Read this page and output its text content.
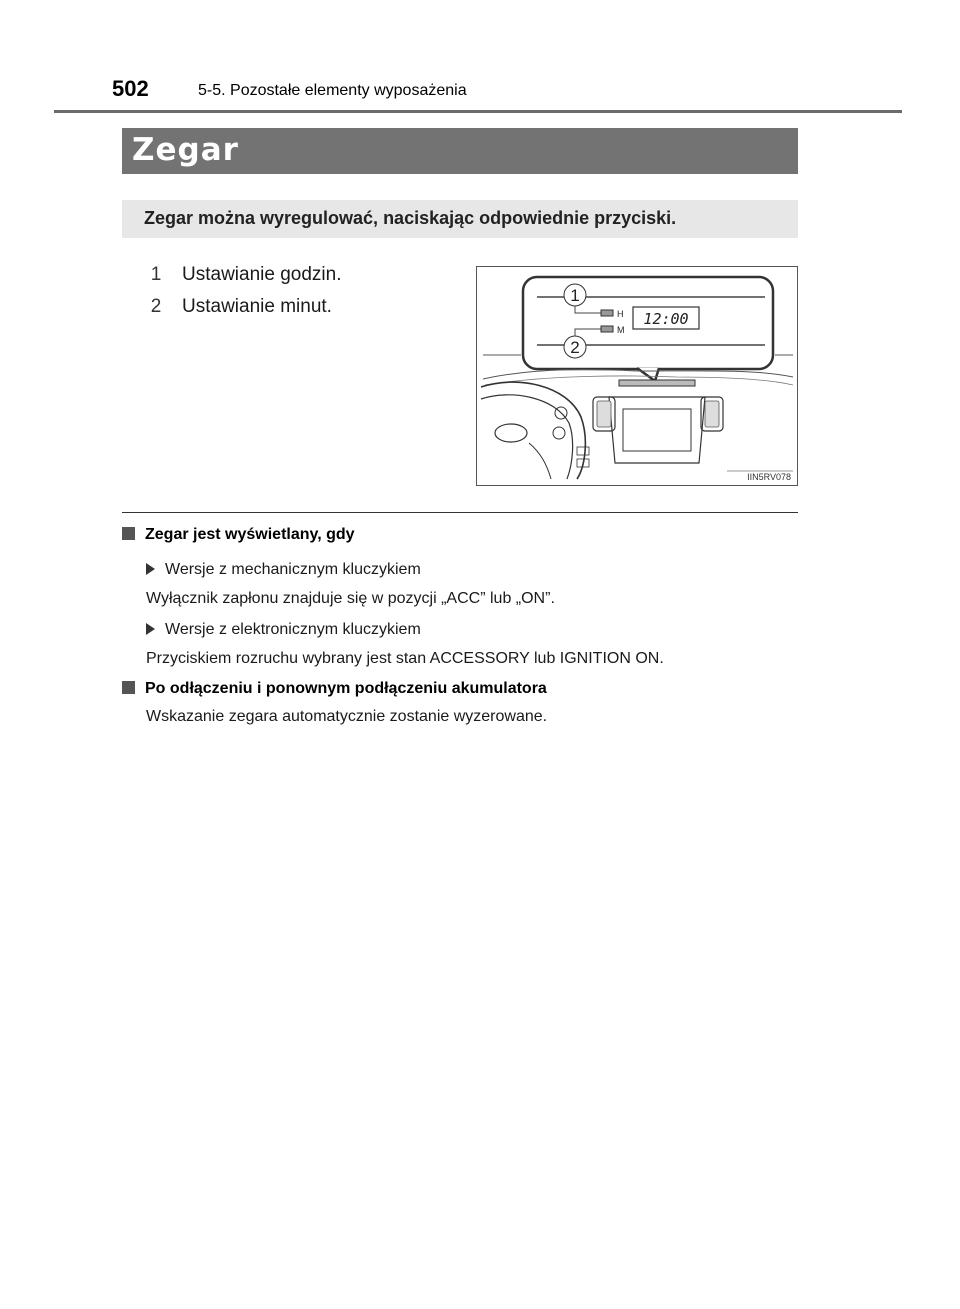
502	5-5. Pozostałe elementy wyposażenia
Zegar
Zegar można wyregulować, naciskając odpowiednie przyciski.
1 Ustawianie godzin.
2 Ustawianie minut.
1
2
H
M
12:00
IIN5RV078
Zegar jest wyświetlany, gdy
Wersje z mechanicznym kluczykiem
Wyłącznik zapłonu znajduje się w pozycji „ACC” lub „ON”.
Wersje z elektronicznym kluczykiem
Przyciskiem rozruchu wybrany jest stan ACCESSORY lub IGNITION ON.
Po odłączeniu i ponownym podłączeniu akumulatora
Wskazanie zegara automatycznie zostanie wyzerowane.
